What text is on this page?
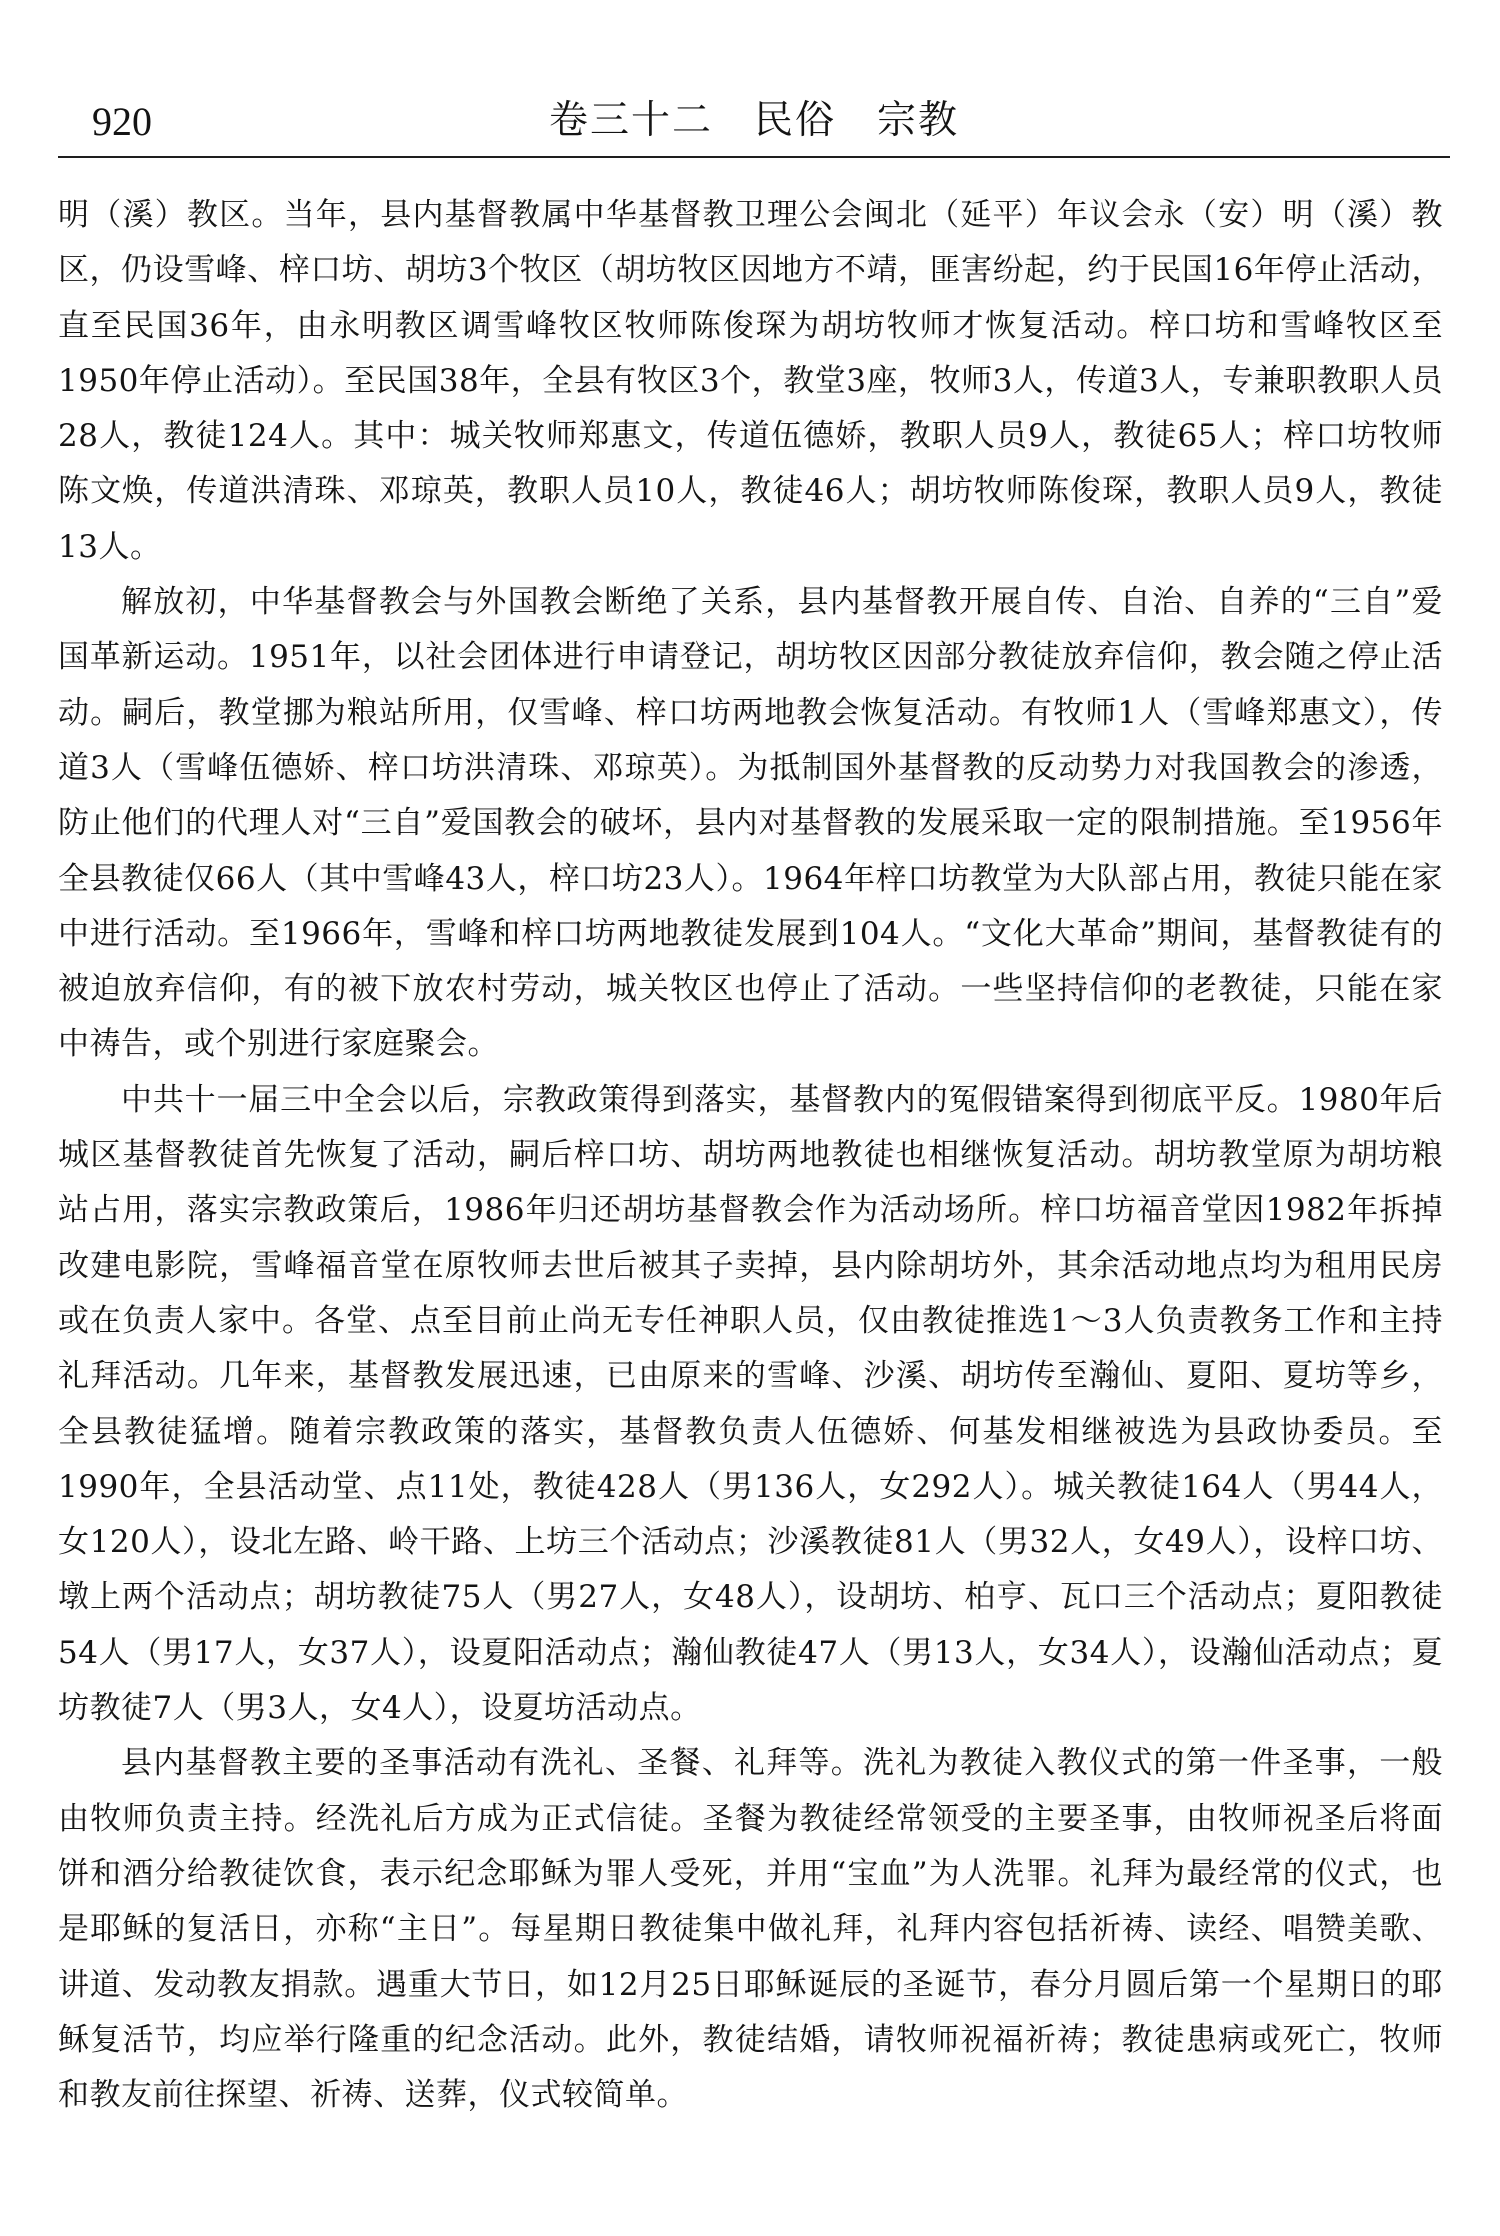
920	卷三十二　民俗　宗教

明（溪）教区。当年，县内基督教属中华基督教卫理公会闽北（延平）年议会永（安）明（溪）教区，仍设雪峰、梓口坊、胡坊3个牧区（胡坊牧区因地方不靖，匪害纷起，约于民国16年停止活动，直至民国36年，由永明教区调雪峰牧区牧师陈俊琛为胡坊牧师才恢复活动。梓口坊和雪峰牧区至1950年停止活动）。至民国38年，全县有牧区3个，教堂3座，牧师3人，传道3人，专兼职教职人员28人，教徒124人。其中：城关牧师郑惠文，传道伍德娇，教职人员9人，教徒65人；梓口坊牧师陈文焕，传道洪清珠、邓琼英，教职人员10人，教徒46人；胡坊牧师陈俊琛，教职人员9人，教徒13人。

解放初，中华基督教会与外国教会断绝了关系，县内基督教开展自传、自治、自养的“三自”爱国革新运动。1951年，以社会团体进行申请登记，胡坊牧区因部分教徒放弃信仰，教会随之停止活动。嗣后，教堂挪为粮站所用，仅雪峰、梓口坊两地教会恢复活动。有牧师1人（雪峰郑惠文），传道3人（雪峰伍德娇、梓口坊洪清珠、邓琼英）。为抵制国外基督教的反动势力对我国教会的渗透，防止他们的代理人对“三自”爱国教会的破坏，县内对基督教的发展采取一定的限制措施。至1956年全县教徒仅66人（其中雪峰43人，梓口坊23人）。1964年梓口坊教堂为大队部占用，教徒只能在家中进行活动。至1966年，雪峰和梓口坊两地教徒发展到104人。“文化大革命”期间，基督教徒有的被迫放弃信仰，有的被下放农村劳动，城关牧区也停止了活动。一些坚持信仰的老教徒，只能在家中祷告，或个别进行家庭聚会。

中共十一届三中全会以后，宗教政策得到落实，基督教内的冤假错案得到彻底平反。1980年后城区基督教徒首先恢复了活动，嗣后梓口坊、胡坊两地教徒也相继恢复活动。胡坊教堂原为胡坊粮站占用，落实宗教政策后，1986年归还胡坊基督教会作为活动场所。梓口坊福音堂因1982年拆掉改建电影院，雪峰福音堂在原牧师去世后被其子卖掉，县内除胡坊外，其余活动地点均为租用民房或在负责人家中。各堂、点至目前止尚无专任神职人员，仅由教徒推选1～3人负责教务工作和主持礼拜活动。几年来，基督教发展迅速，已由原来的雪峰、沙溪、胡坊传至瀚仙、夏阳、夏坊等乡，全县教徒猛增。随着宗教政策的落实，基督教负责人伍德娇、何基发相继被选为县政协委员。至1990年，全县活动堂、点11处，教徒428人（男136人，女292人）。城关教徒164人（男44人，女120人），设北左路、岭干路、上坊三个活动点；沙溪教徒81人（男32人，女49人），设梓口坊、墩上两个活动点；胡坊教徒75人（男27人，女48人），设胡坊、柏亨、瓦口三个活动点；夏阳教徒54人（男17人，女37人），设夏阳活动点；瀚仙教徒47人（男13人，女34人），设瀚仙活动点；夏坊教徒7人（男3人，女4人），设夏坊活动点。

县内基督教主要的圣事活动有洗礼、圣餐、礼拜等。洗礼为教徒入教仪式的第一件圣事，一般由牧师负责主持。经洗礼后方成为正式信徒。圣餐为教徒经常领受的主要圣事，由牧师祝圣后将面饼和酒分给教徒饮食，表示纪念耶稣为罪人受死，并用“宝血”为人洗罪。礼拜为最经常的仪式，也是耶稣的复活日，亦称“主日”。每星期日教徒集中做礼拜，礼拜内容包括祈祷、读经、唱赞美歌、讲道、发动教友捐款。遇重大节日，如12月25日耶稣诞辰的圣诞节，春分月圆后第一个星期日的耶稣复活节，均应举行隆重的纪念活动。此外，教徒结婚，请牧师祝福祈祷；教徒患病或死亡，牧师和教友前往探望、祈祷、送葬，仪式较简单。
